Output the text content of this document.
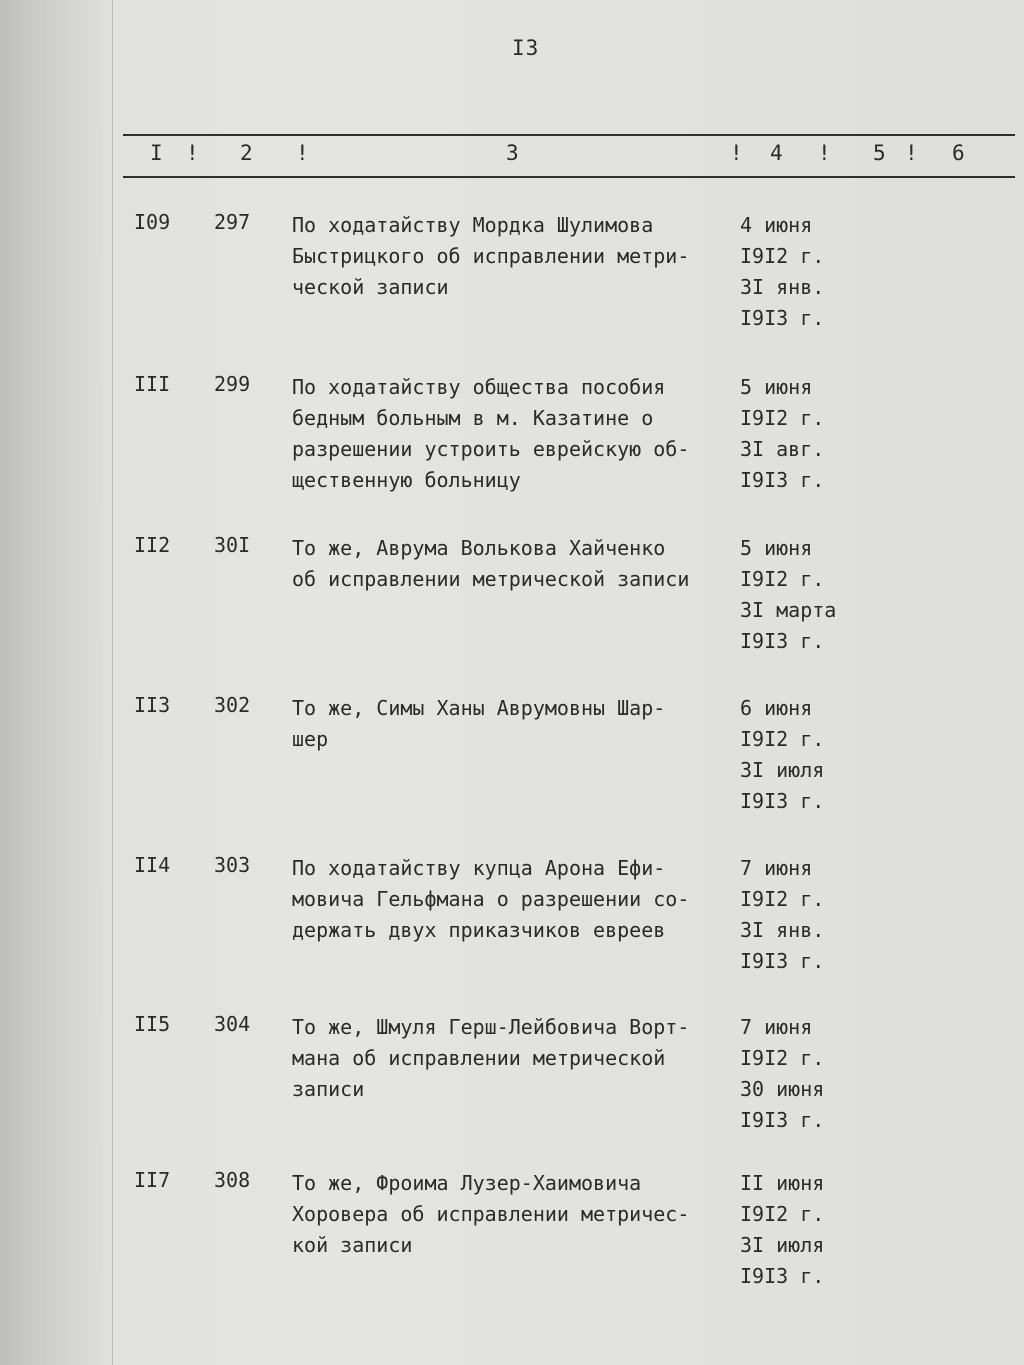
I3
I ! 2 !	3	! 4 ! 5 ! 6
I09 297 По ходатайству Мордка Шулимова
Быстрицкого об исправлении метри-
ческой записи
4 июня
I9I2 г.
3I янв.
I9I3 г.
III 299 По ходатайству общества пособия
бедным больным в м. Казатине о
разрешении устроить еврейскую об-
щественную больницу
5 июня
I9I2 г.
3I авг.
I9I3 г.
II2 30I То же, Аврума Волькова Хайченко
об исправлении метрической записи
5 июня
I9I2 г.
3I марта
I9I3 г.
II3 302 То же, Симы Ханы Аврумовны Шар-
шер
6 июня
I9I2 г.
3I июля
I9I3 г.
II4 303 По ходатайству купца Арона Ефи-
мовича Гельфмана о разрешении со-
держать двух приказчиков евреев
7 июня
I9I2 г.
3I янв.
I9I3 г.
II5 304 То же, Шмуля Герш-Лейбовича Ворт-
мана об исправлении метрической
записи
7 июня
I9I2 г.
30 июня
I9I3 г.
II7 308 То же, Фроима Лузер-Хаимовича
Хоровера об исправлении метричес-
кой записи
II июня
I9I2 г.
3I июля
I9I3 г.
